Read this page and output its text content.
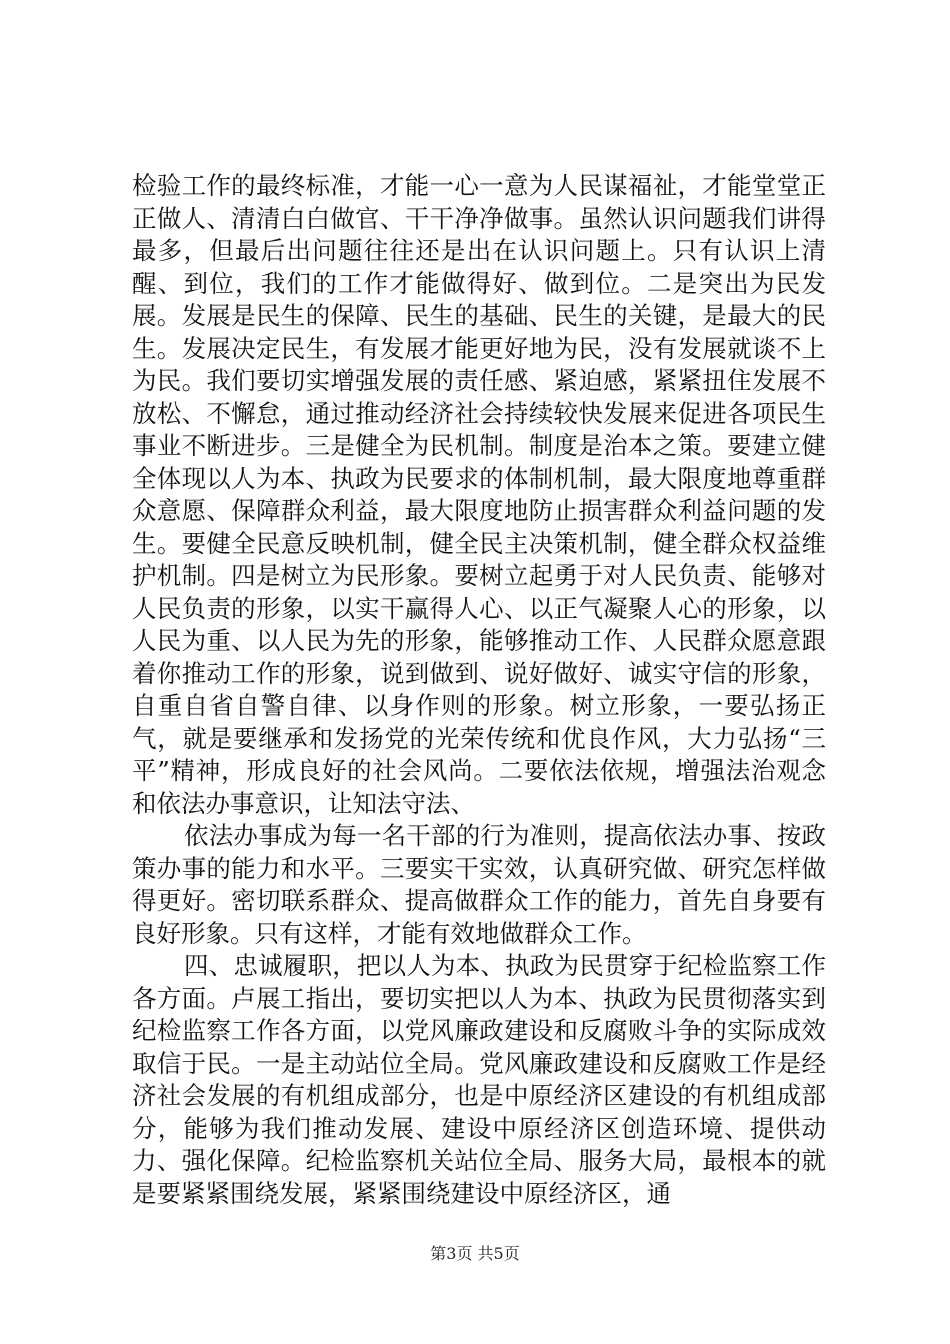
检验工作的最终标准，才能一心一意为人民谋福祉，才能堂堂正正做人、清清白白做官、干干净净做事。虽然认识问题我们讲得最多，但最后出问题往往还是出在认识问题上。只有认识上清醒、到位，我们的工作才能做得好、做到位。二是突出为民发展。发展是民生的保障、民生的基础、民生的关键，是最大的民生。发展决定民生，有发展才能更好地为民，没有发展就谈不上为民。我们要切实增强发展的责任感、紧迫感，紧紧扭住发展不放松、不懈怠，通过推动经济社会持续较快发展来促进各项民生事业不断进步。三是健全为民机制。制度是治本之策。要建立健全体现以人为本、执政为民要求的体制机制，最大限度地尊重群众意愿、保障群众利益，最大限度地防止损害群众利益问题的发生。要健全民意反映机制，健全民主决策机制，健全群众权益维护机制。四是树立为民形象。要树立起勇于对人民负责、能够对人民负责的形象，以实干赢得人心、以正气凝聚人心的形象，以人民为重、以人民为先的形象，能够推动工作、人民群众愿意跟着你推动工作的形象，说到做到、说好做好、诚实守信的形象，自重自省自警自律、以身作则的形象。树立形象，一要弘扬正气，就是要继承和发扬党的光荣传统和优良作风，大力弘扬“三平”精神，形成良好的社会风尚。二要依法依规，增强法治观念和依法办事意识，让知法守法、

依法办事成为每一名干部的行为准则，提高依法办事、按政策办事的能力和水平。三要实干实效，认真研究做、研究怎样做得更好。密切联系群众、提高做群众工作的能力，首先自身要有良好形象。只有这样，才能有效地做群众工作。

四、忠诚履职，把以人为本、执政为民贯穿于纪检监察工作各方面。卢展工指出，要切实把以人为本、执政为民贯彻落实到纪检监察工作各方面，以党风廉政建设和反腐败斗争的实际成效取信于民。一是主动站位全局。党风廉政建设和反腐败工作是经济社会发展的有机组成部分，也是中原经济区建设的有机组成部分，能够为我们推动发展、建设中原经济区创造环境、提供动力、强化保障。纪检监察机关站位全局、服务大局，最根本的就是要紧紧围绕发展，紧紧围绕建设中原经济区，通

第3页 共5页
